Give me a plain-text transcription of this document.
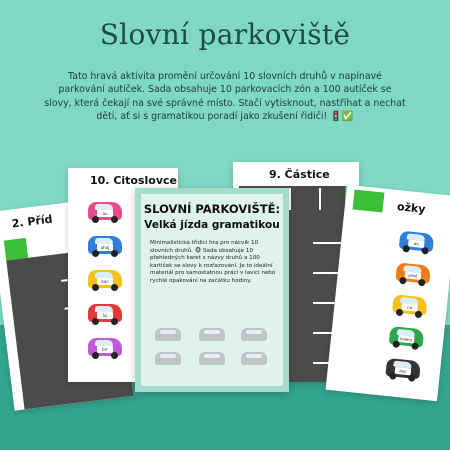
Slovní parkoviště
Tato hravá aktivita promění určování 10 slovních druhů v napínavé parkování autíček. Sada obsahuje 10 parkovacích zón a 100 autíček se slovy, která čekají na své správné místo. Stačí vytisknout, nastříhat a nechat děti, ať si s gramatikou poradí jako zkušení řidiči! 🚦✅
2. Příd
10. Citoslovce
au
ahoj
bac
fuj
brr
9. Částice
ožky
do
před
na
kolem
bez
SLOVNÍ PARKOVIŠTĚ:
Velká jízda gramatikou
Minimalistická třídicí hra pro nácvik 10 slovních druhů. 🐵 Sada obsahuje 10 přehledných karet s názvy druhů a 100 kartiček se slovy k rozřazování. Je to ideální materiál pro samostatnou práci v lavici nebo rychlé opakování na začátku hodiny.
